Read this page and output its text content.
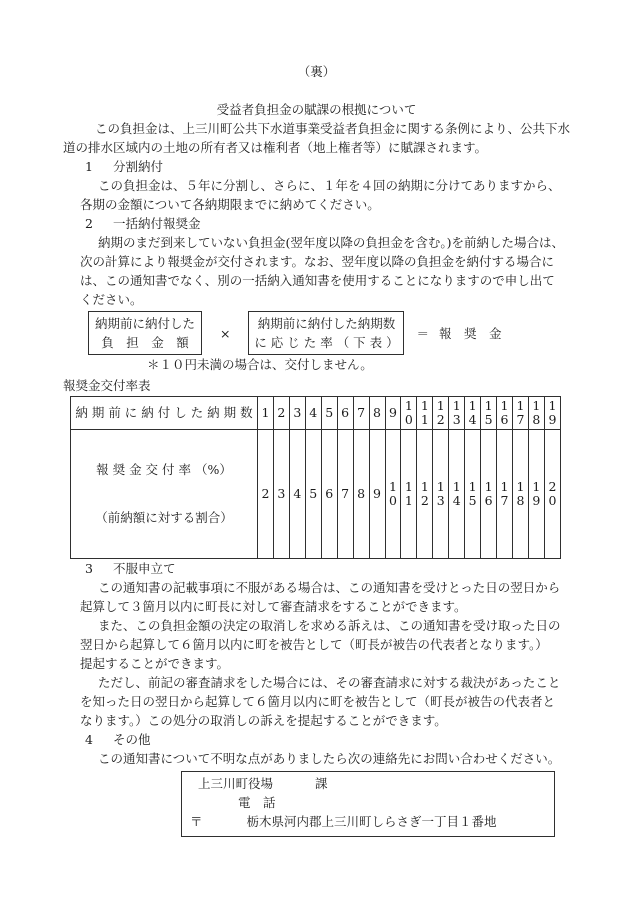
（裏）
受益者負担金の賦課の根拠について
この負担金は、上三川町公共下水道事業受益者負担金に関する条例により、公共下水
道の排水区域内の土地の所有者又は権利者（地上権者等）に賦課されます。
1 分割納付
この負担金は、５年に分割し、さらに、１年を４回の納期に分けてありますから、
各期の金額について各納期限までに納めてください。
2 一括納付報奨金
納期のまだ到来していない負担金(翌年度以降の負担金を含む。)を前納した場合は、
次の計算により報奨金が交付されます。なお、翌年度以降の負担金を納付する場合に
は、この通知書でなく、別の一括納入通知書を使用することになりますので申し出て
ください。
納期前に納付した
負　担　金　額
×
納期前に納付した納期数
に 応 じ た 率 （ 下 表 ）
＝ 報　奨　金
＊１０円未満の場合は、交付しません。
報奨金交付率表
納 期 前 に 納 付 し た 納 期 数	1	2	3	4	5	6	7	8	9	10	11	12	13	14	15	16	17	18	19

報 奨 金 交 付 率 （%）

（前納額に対する割合）	2	3	4	5	6	7	8	9	10	11	12	13	14	15	16	17	18	19	20
3 不服申立て
この通知書の記載事項に不服がある場合は、この通知書を受けとった日の翌日から
起算して３箇月以内に町長に対して審査請求をすることができます。
また、この負担金額の決定の取消しを求める訴えは、この通知書を受け取った日の
翌日から起算して６箇月以内に町を被告として（町長が被告の代表者となります。）
提起することができます。
ただし、前記の審査請求をした場合には、その審査請求に対する裁決があったこと
を知った日の翌日から起算して６箇月以内に町を被告として（町長が被告の代表者と
なります。）この処分の取消しの訴えを提起することができます。
4 その他
この通知書について不明な点がありましたら次の連絡先にお問い合わせください。
上三川町役場	課
電　話
〒	栃木県河内郡上三川町しらさぎ一丁目１番地
